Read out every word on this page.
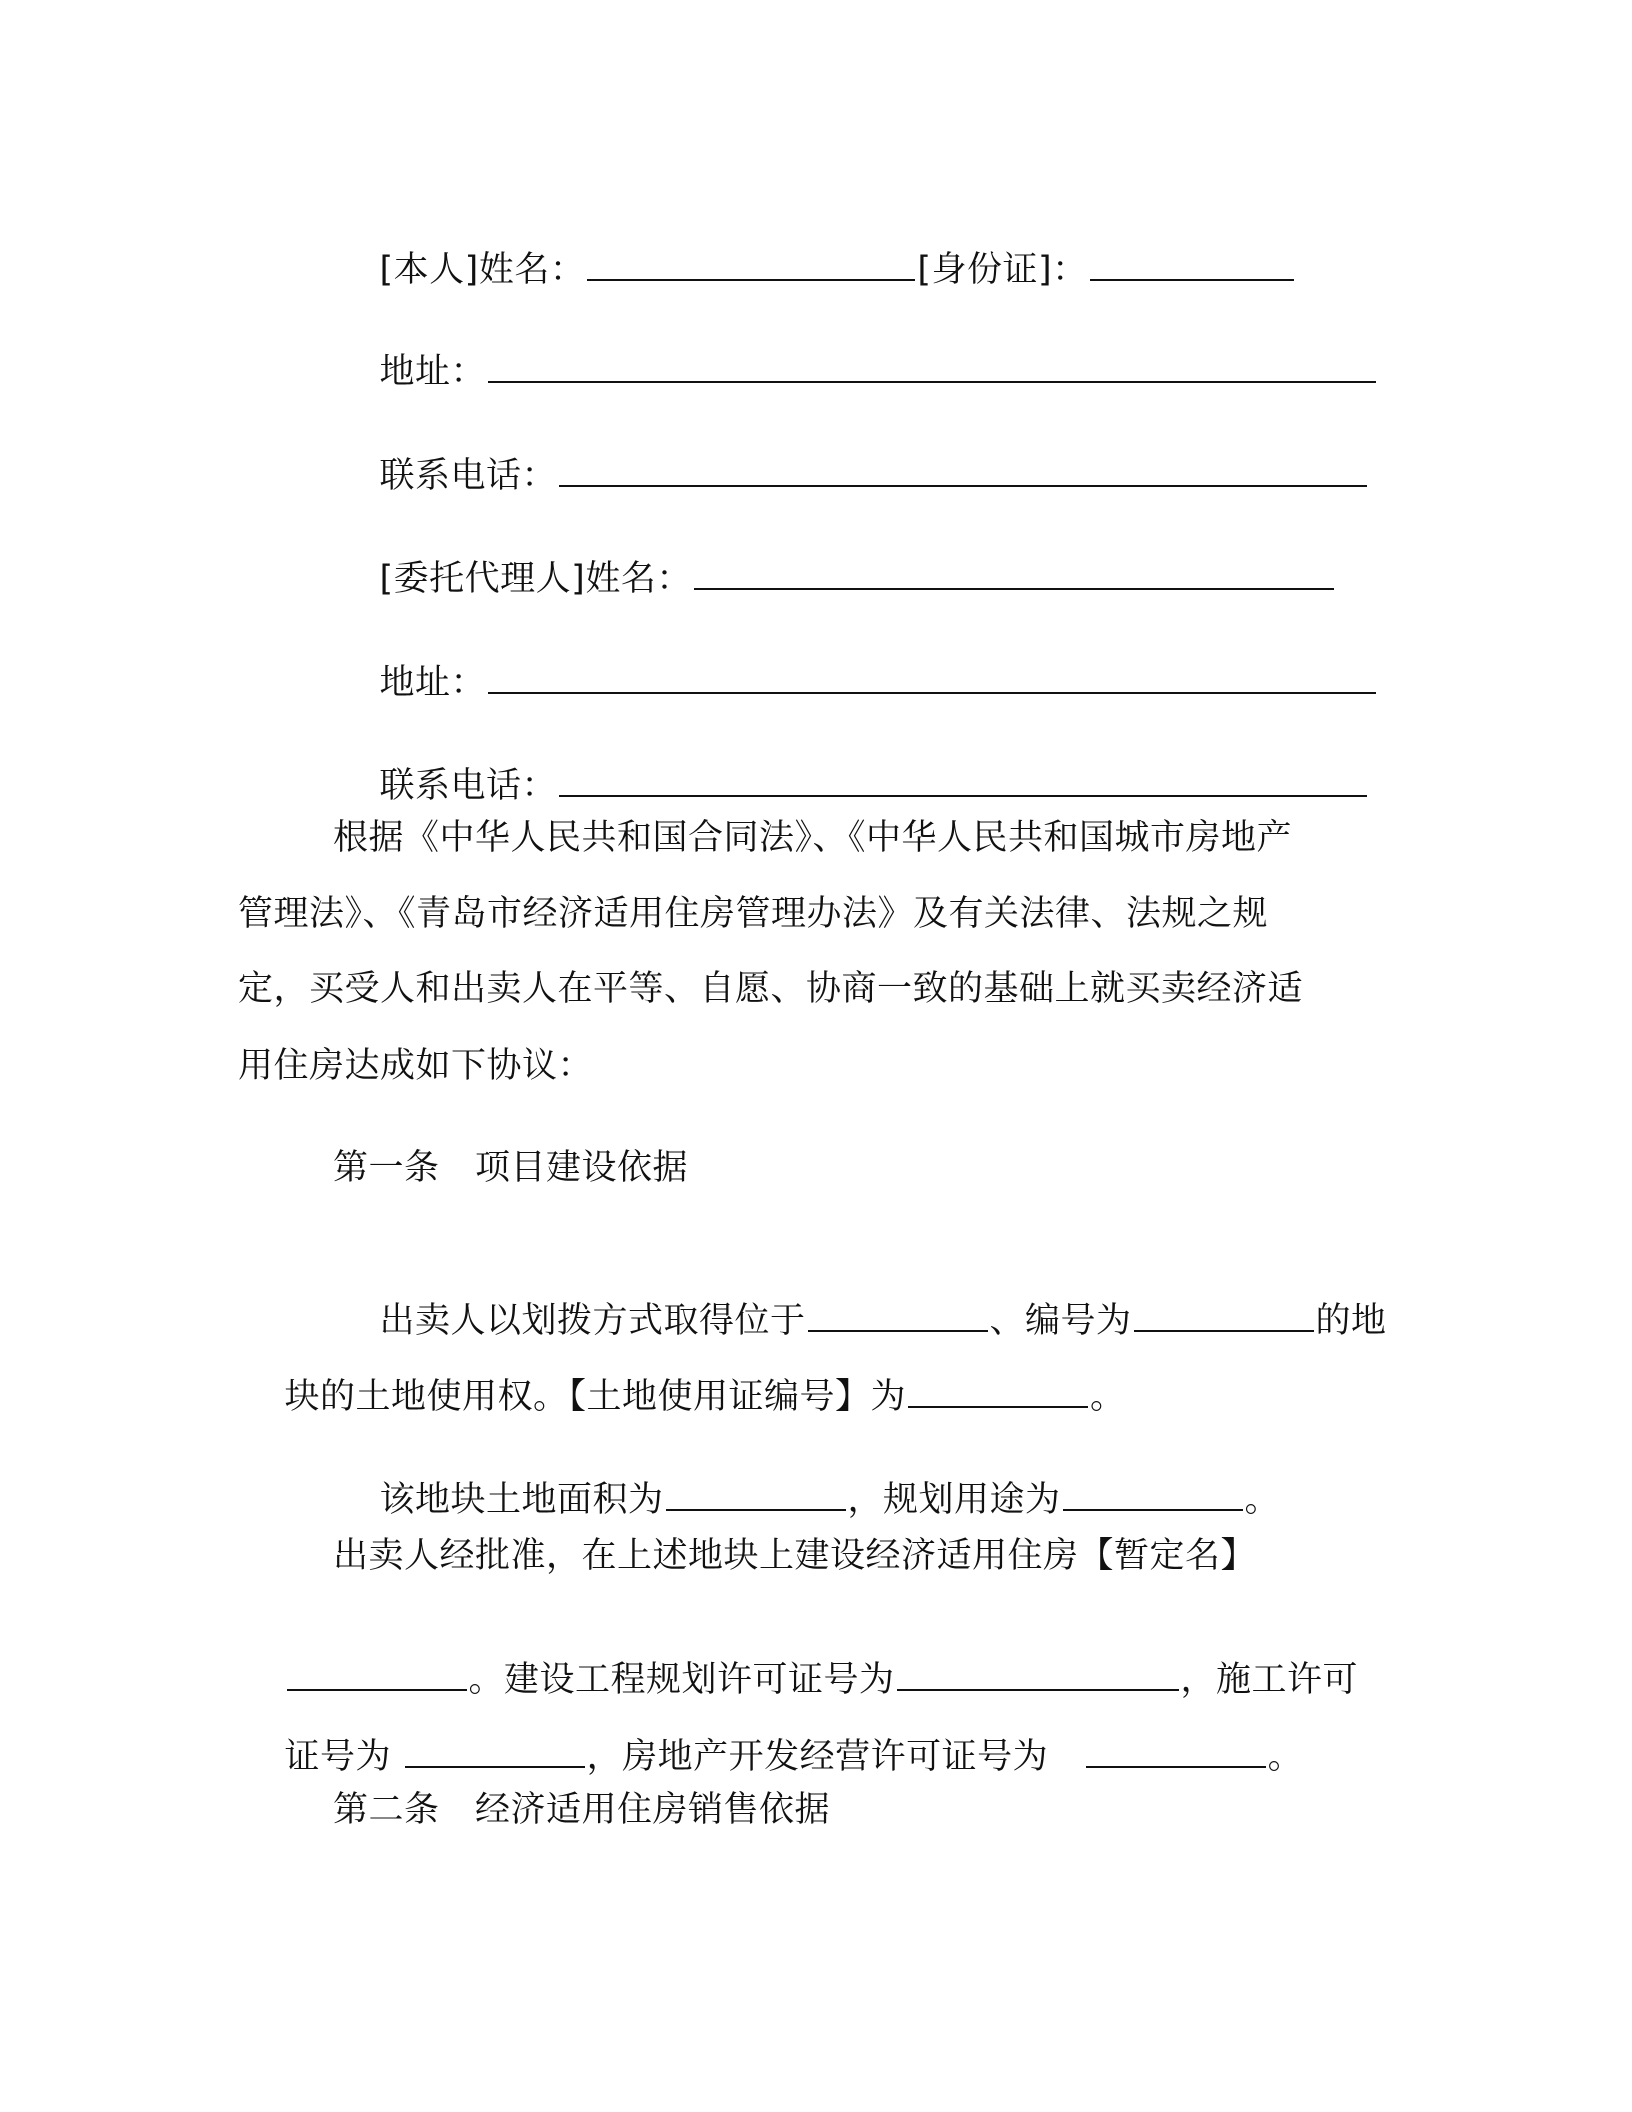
[本人]姓名：	[身份证]：

地址：

联系电话：

[委托代理人]姓名：

地址：

联系电话：

根据《中华人民共和国合同法》、《中华人民共和国城市房地产
管理法》、《青岛市经济适用住房管理办法》及有关法律、法规之规
定，买受人和出卖人在平等、自愿、协商一致的基础上就买卖经济适
用住房达成如下协议：
第一条　项目建设依据

出卖人以划拨方式取得位于	、编号为	的地

块的土地使用权。【土地使用证编号】为	。

该地块土地面积为	，规划用途为	。

出卖人经批准，在上述地块上建设经济适用住房【暂定名】

。建设工程规划许可证号为	，施工许可

证号为	，房地产开发经营许可证号为　	。

第二条　经济适用住房销售依据
